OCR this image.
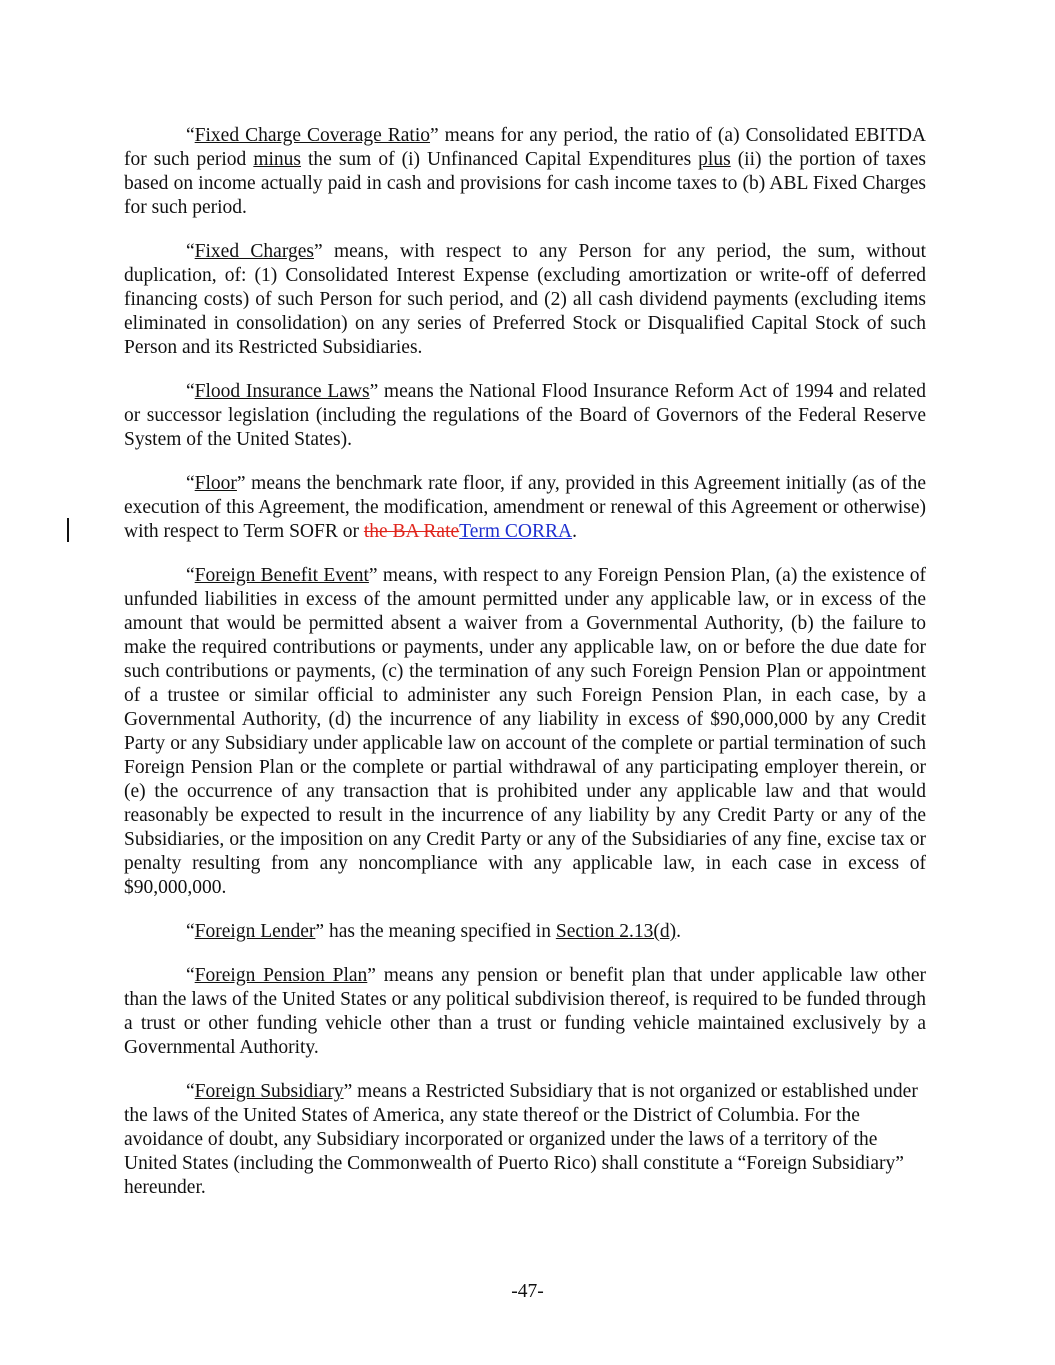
“Fixed Charge Coverage Ratio” means for any period, the ratio of (a) Consolidated EBITDA for such period minus the sum of (i) Unfinanced Capital Expenditures plus (ii) the portion of taxes based on income actually paid in cash and provisions for cash income taxes to (b) ABL Fixed Charges for such period.

“Fixed Charges” means, with respect to any Person for any period, the sum, without duplication, of: (1) Consolidated Interest Expense (excluding amortization or write-off of deferred financing costs) of such Person for such period, and (2) all cash dividend payments (excluding items eliminated in consolidation) on any series of Preferred Stock or Disqualified Capital Stock of such Person and its Restricted Subsidiaries.

“Flood Insurance Laws” means the National Flood Insurance Reform Act of 1994 and related or successor legislation (including the regulations of the Board of Governors of the Federal Reserve System of the United States).

“Floor” means the benchmark rate floor, if any, provided in this Agreement initially (as of the execution of this Agreement, the modification, amendment or renewal of this Agreement or otherwise) with respect to Term SOFR or the BA RateTerm CORRA.

“Foreign Benefit Event” means, with respect to any Foreign Pension Plan, (a) the existence of unfunded liabilities in excess of the amount permitted under any applicable law, or in excess of the amount that would be permitted absent a waiver from a Governmental Authority, (b) the failure to make the required contributions or payments, under any applicable law, on or before the due date for such contributions or payments, (c) the termination of any such Foreign Pension Plan or appointment of a trustee or similar official to administer any such Foreign Pension Plan, in each case, by a Governmental Authority, (d) the incurrence of any liability in excess of $90,000,000 by any Credit Party or any Subsidiary under applicable law on account of the complete or partial termination of such Foreign Pension Plan or the complete or partial withdrawal of any participating employer therein, or (e) the occurrence of any transaction that is prohibited under any applicable law and that would reasonably be expected to result in the incurrence of any liability by any Credit Party or any of the Subsidiaries, or the imposition on any Credit Party or any of the Subsidiaries of any fine, excise tax or penalty resulting from any noncompliance with any applicable law, in each case in excess of $90,000,000.

“Foreign Lender” has the meaning specified in Section 2.13(d).

“Foreign Pension Plan” means any pension or benefit plan that under applicable law other than the laws of the United States or any political subdivision thereof, is required to be funded through a trust or other funding vehicle other than a trust or funding vehicle maintained exclusively by a Governmental Authority.

“Foreign Subsidiary” means a Restricted Subsidiary that is not organized or established under the laws of the United States of America, any state thereof or the District of Columbia. For the avoidance of doubt, any Subsidiary incorporated or organized under the laws of a territory of the United States (including the Commonwealth of Puerto Rico) shall constitute a “Foreign Subsidiary” hereunder.

-47-
